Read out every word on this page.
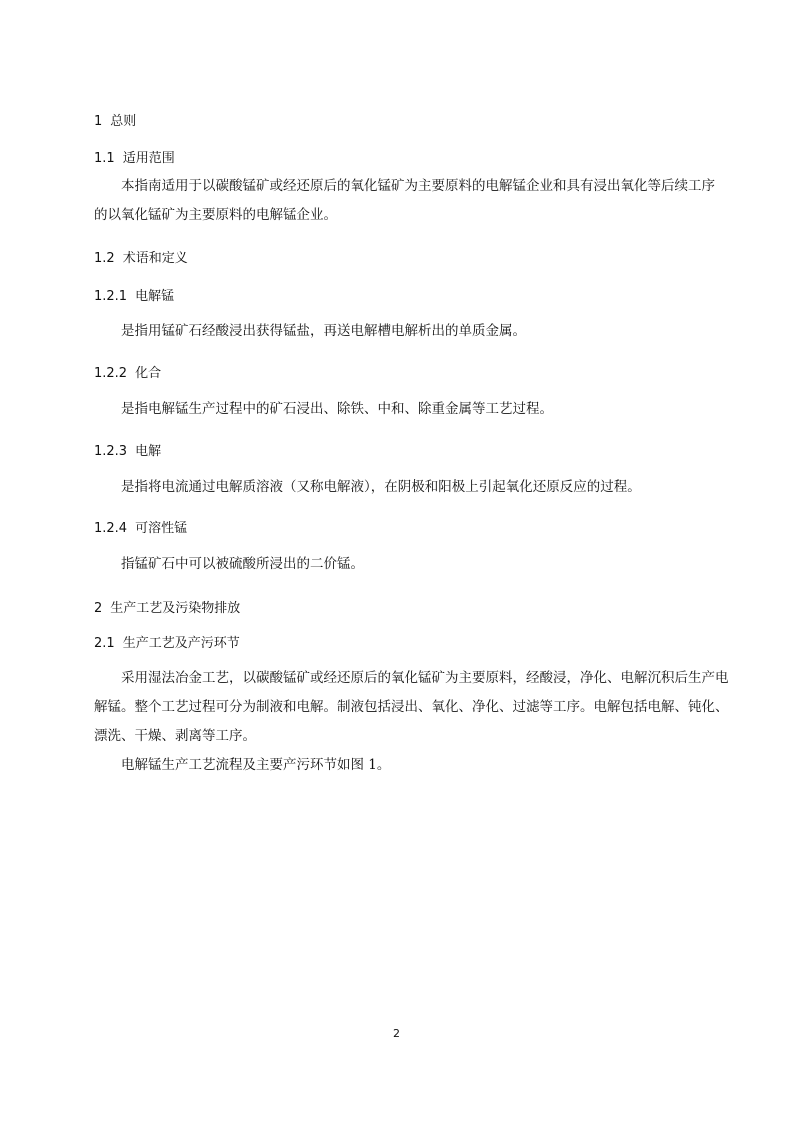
1 总则
1.1 适用范围
本指南适用于以碳酸锰矿或经还原后的氧化锰矿为主要原料的电解锰企业和具有浸出氧化等后续工序
的以氧化锰矿为主要原料的电解锰企业。
1.2 术语和定义
1.2.1 电解锰
是指用锰矿石经酸浸出获得锰盐，再送电解槽电解析出的单质金属。
1.2.2 化合
是指电解锰生产过程中的矿石浸出、除铁、中和、除重金属等工艺过程。
1.2.3 电解
是指将电流通过电解质溶液（又称电解液），在阴极和阳极上引起氧化还原反应的过程。
1.2.4 可溶性锰
指锰矿石中可以被硫酸所浸出的二价锰。
2 生产工艺及污染物排放
2.1 生产工艺及产污环节
采用湿法冶金工艺，以碳酸锰矿或经还原后的氧化锰矿为主要原料，经酸浸，净化、电解沉积后生产电
解锰。整个工艺过程可分为制液和电解。制液包括浸出、氧化、净化、过滤等工序。电解包括电解、钝化、
漂洗、干燥、剥离等工序。
电解锰生产工艺流程及主要产污环节如图 1。
2
